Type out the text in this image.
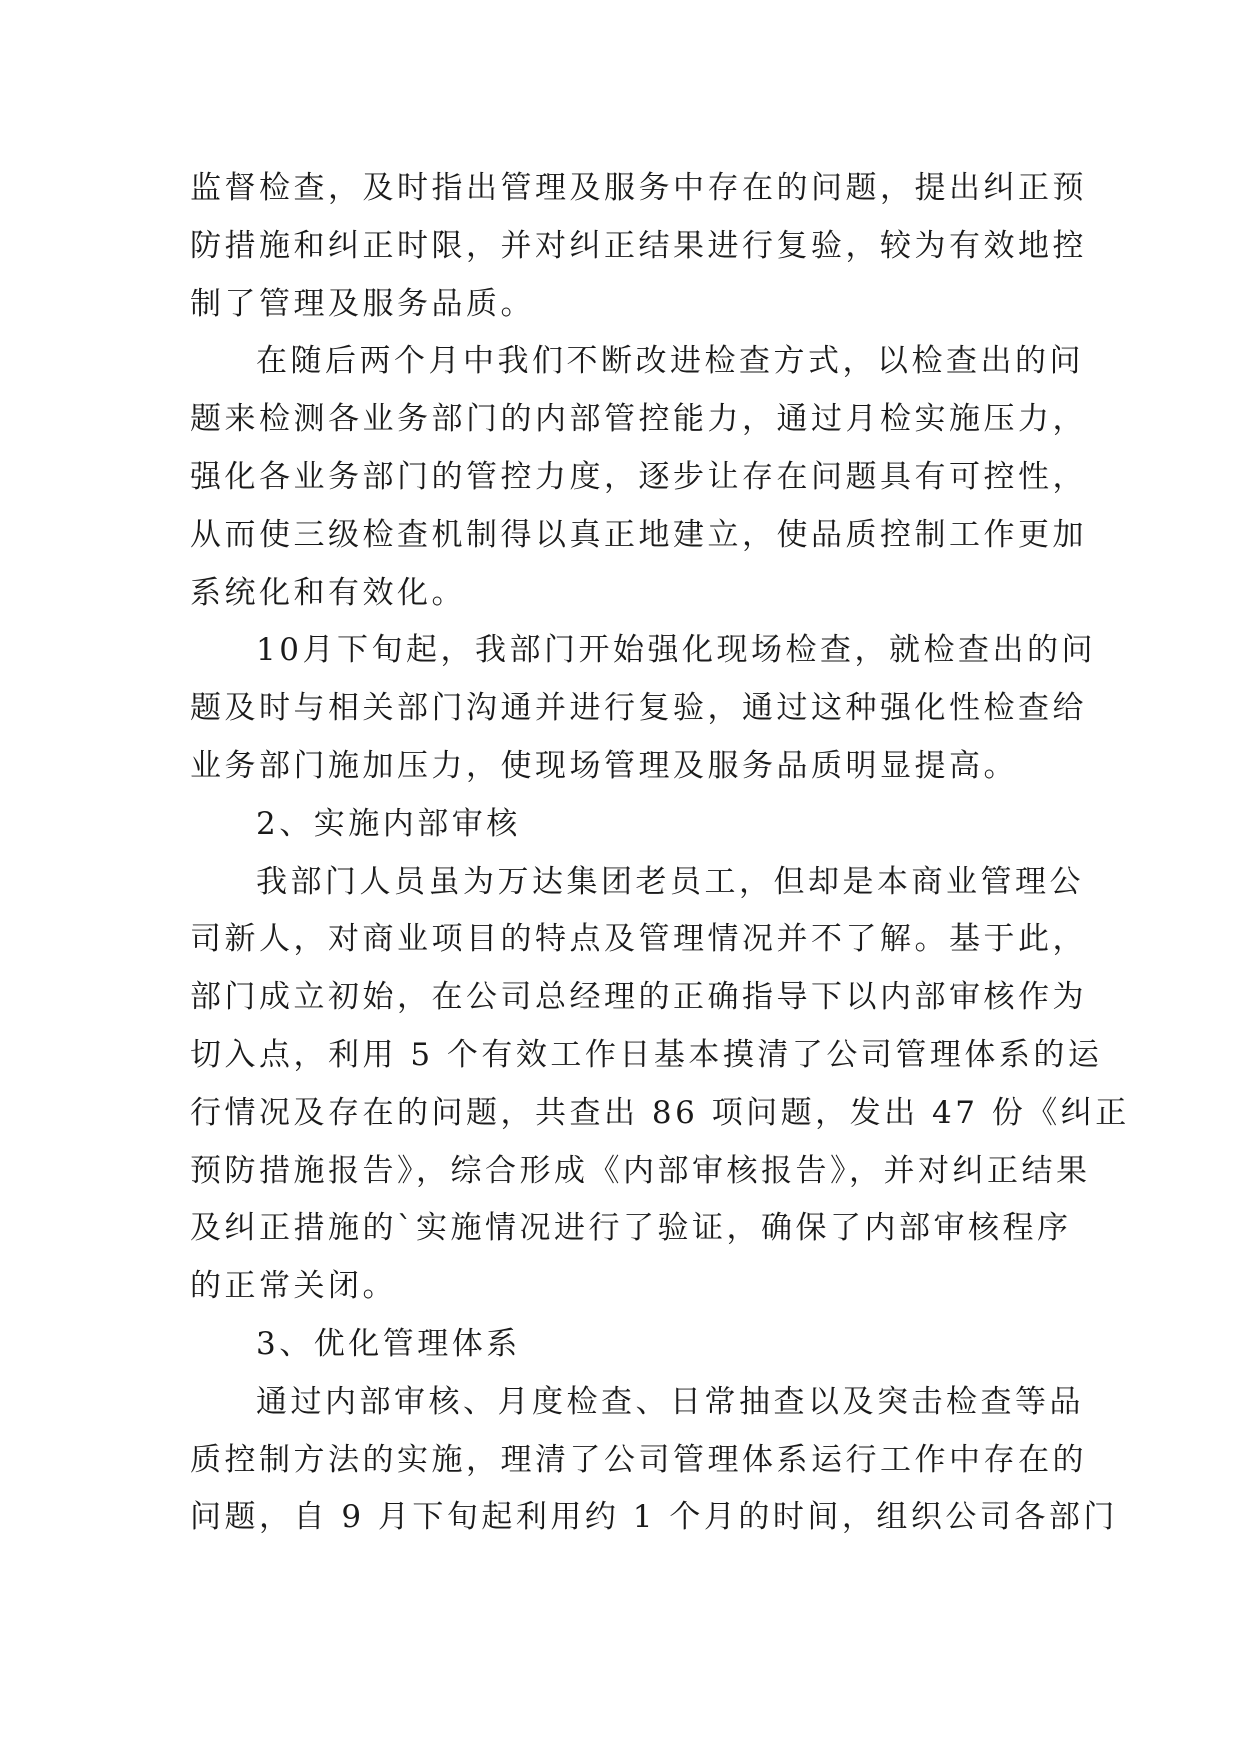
监督检查，及时指出管理及服务中存在的问题，提出纠正预
防措施和纠正时限，并对纠正结果进行复验，较为有效地控
制了管理及服务品质。
在随后两个月中我们不断改进检查方式，以检查出的问
题来检测各业务部门的内部管控能力，通过月检实施压力，
强化各业务部门的管控力度，逐步让存在问题具有可控性，
从而使三级检查机制得以真正地建立，使品质控制工作更加
系统化和有效化。
10月下旬起，我部门开始强化现场检查，就检查出的问
题及时与相关部门沟通并进行复验，通过这种强化性检查给
业务部门施加压力，使现场管理及服务品质明显提高。
2、实施内部审核
我部门人员虽为万达集团老员工，但却是本商业管理公
司新人，对商业项目的特点及管理情况并不了解。基于此，
部门成立初始，在公司总经理的正确指导下以内部审核作为
切入点，利用 5 个有效工作日基本摸清了公司管理体系的运
行情况及存在的问题，共查出 86 项问题，发出 47 份《纠正
预防措施报告》，综合形成《内部审核报告》，并对纠正结果
及纠正措施的`实施情况进行了验证，确保了内部审核程序
的正常关闭。
3、优化管理体系
通过内部审核、月度检查、日常抽查以及突击检查等品
质控制方法的实施，理清了公司管理体系运行工作中存在的
问题，自 9 月下旬起利用约 1 个月的时间，组织公司各部门
